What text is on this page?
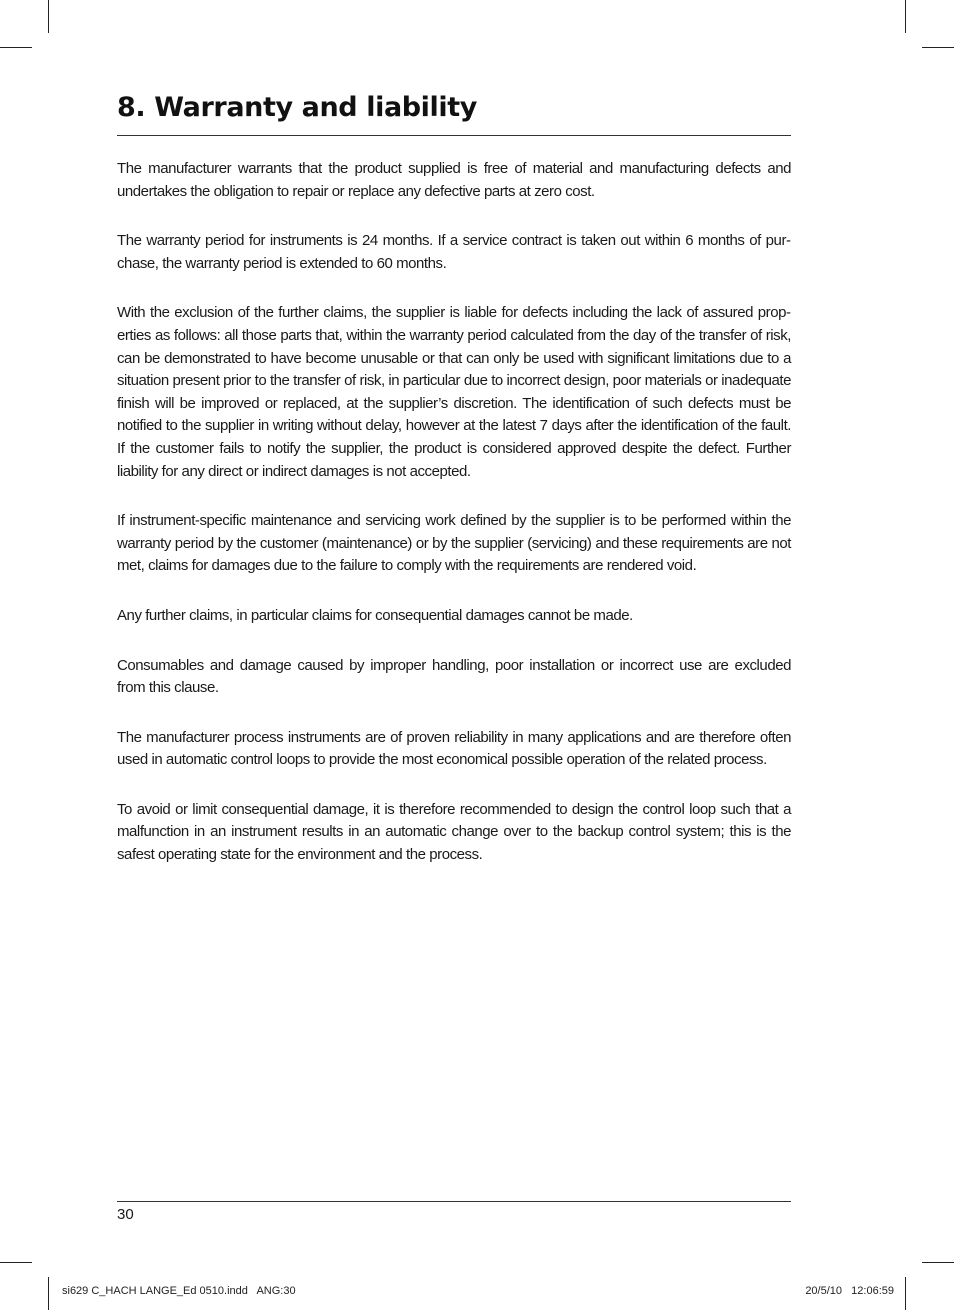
8. Warranty and liability

The manufacturer warrants that the product supplied is free of material and manufacturing defects and undertakes the obligation to repair or replace any defective parts at zero cost.

The warranty period for instruments is 24 months. If a service contract is taken out within 6 months of purchase, the warranty period is extended to 60 months.

With the exclusion of the further claims, the supplier is liable for defects including the lack of assured properties as follows: all those parts that, within the warranty period calculated from the day of the transfer of risk, can be demonstrated to have become unusable or that can only be used with significant limitations due to a situation present prior to the transfer of risk, in particular due to incorrect design, poor materials or inadequate finish will be improved or replaced, at the supplier’s discretion. The identification of such defects must be notified to the supplier in writing without delay, however at the latest 7 days after the identification of the fault. If the customer fails to notify the supplier, the product is considered approved despite the defect. Further liability for any direct or indirect damages is not accepted.

If instrument-specific maintenance and servicing work defined by the supplier is to be performed within the warranty period by the customer (maintenance) or by the supplier (servicing) and these requirements are not met, claims for damages due to the failure to comply with the requirements are rendered void.

Any further claims, in particular claims for consequential damages cannot be made.

Consumables and damage caused by improper handling, poor installation or incorrect use are excluded from this clause.

The manufacturer process instruments are of proven reliability in many applications and are therefore often used in automatic control loops to provide the most economical possible operation of the related process.

To avoid or limit consequential damage, it is therefore recommended to design the control loop such that a malfunction in an instrument results in an automatic change over to the backup control system; this is the safest operating state for the environment and the process.

30
si629 C_HACH LANGE_Ed 0510.indd   ANG:30	20/5/10   12:06:59
